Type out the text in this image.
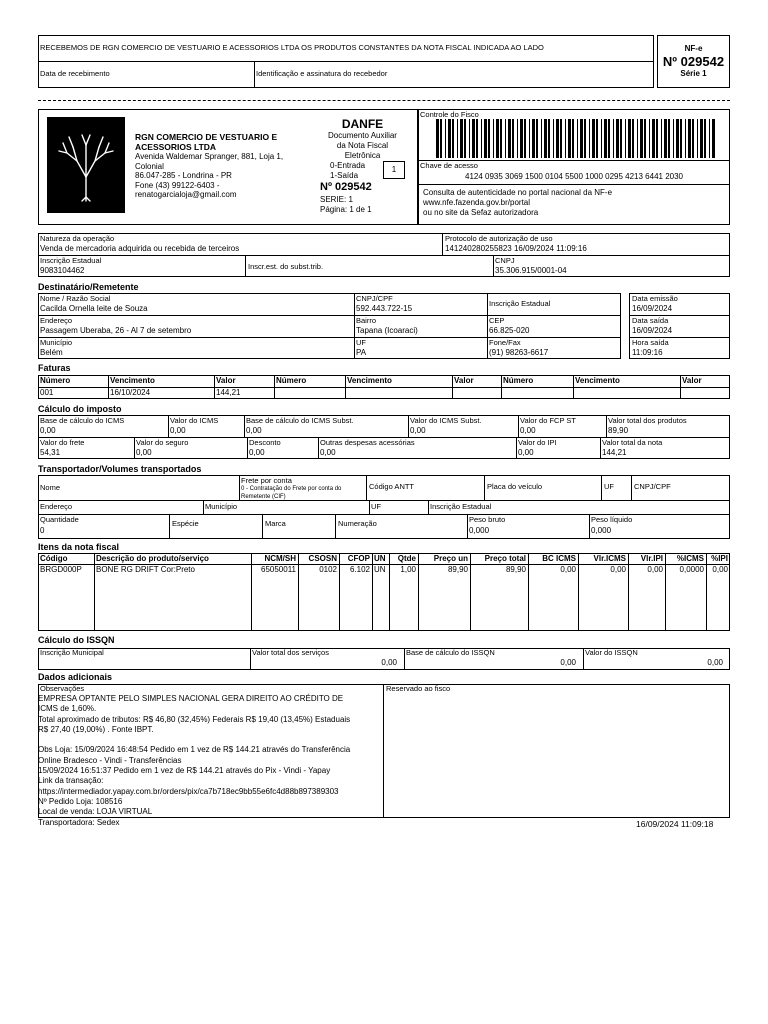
RECEBEMOS DE RGN COMERCIO DE VESTUARIO E ACESSORIOS LTDA OS PRODUTOS CONSTANTES DA NOTA FISCAL INDICADA AO LADO
Data de recebimento	Identificação e assinatura do recebedor
NF-e
Nº 029542
Série 1
RGN COMERCIO DE VESTUARIO E
ACESSORIOS LTDA
Avenida Waldemar Spranger, 881, Loja 1,
Colonial
86.047-285 - Londrina - PR
Fone (43) 99122-6403 -
renatogarcialoja@gmail.com
DANFE
Documento Auxiliar
da Nota Fiscal
Eletrônica
0-Entrada
1-Saída
1
Nº 029542
SERIE: 1
Página: 1 de 1
Controle do Fisco
Chave de acesso
4124 0935 3069 1500 0104 5500 1000 0295 4213 6441 2030
Consulta de autenticidade no portal nacional da NF-e
www.nfe.fazenda.gov.br/portal
ou no site da Sefaz autorizadora
Natureza da operação
Venda de mercadoria adquirida ou recebida de terceiros
Protocolo de autorização de uso
141240280255823 16/09/2024 11:09:16
Inscrição Estadual
9083104462	Inscr.est. do subst.trib.
CNPJ
35.306.915/0001-04
Destinatário/Remetente
Nome / Razão Social
Cacilda Ornella leite de Souza
CNPJ/CPF
592.443.722-15
Inscrição Estadual
Data emissão
16/09/2024
Endereço
Passagem Uberaba, 26 - Al 7 de setembro
Bairro
Tapana (Icoaraci)
CEP
66.825-020
Data saída
16/09/2024
Município
Belém
UF
PA
Fone/Fax
(91) 98263-6617
Hora saída
11:09:16
Faturas
Número	Vencimento	Valor	Número	Vencimento	Valor	Número	Vencimento	Valor
001	16/10/2024	144,21
Cálculo do imposto
Base de cálculo do ICMS
0,00
Valor do ICMS
0,00
Base de cálculo do ICMS Subst.
0,00
Valor do ICMS Subst.
0,00
Valor do FCP ST
0,00
Valor total dos produtos
89,90
Valor do frete
54,31
Valor do seguro
0,00
Desconto
0,00
Outras despesas acessórias
0,00
Valor do IPI
0,00
Valor total da nota
144,21
Transportador/Volumes transportados
Nome
Frete por conta
0 - Contratação do Frete por conta do
Remetente (CIF)
Código ANTT	Placa do veículo	UF	CNPJ/CPF
Endereço	Município	UF	Inscrição Estadual
Quantidade
0
Espécie	Marca	Numeração	Peso bruto
0,000
Peso líquido
0,000
Itens da nota fiscal
Código	Descrição do produto/serviço	NCM/SH	CSOSN	CFOP UN	Qtde	Preço un	Preço total	BC ICMS	Vlr.ICMS	Vlr.IPI	%ICMS %IPI
BRGD000P	BONE RG DRIFT Cor:Preto	65050011	0102	6.102 UN	1,00	89,90	89,90	0,00	0,00	0,00	0,0000	0,00
Cálculo do ISSQN
Inscrição Municipal	Valor total dos serviços
0,00
Base de cálculo do ISSQN
0,00
Valor do ISSQN
0,00
Dados adicionais
Observações	Reservado ao fisco
EMPRESA OPTANTE PELO SIMPLES NACIONAL GERA DIREITO AO CRÉDITO DE
ICMS de 1,60%.
Total aproximado de tributos: R$ 46,80 (32,45%) Federais R$ 19,40 (13,45%) Estaduais
R$ 27,40 (19,00%) . Fonte IBPT.
Obs Loja: 15/09/2024 16:48:54 Pedido em 1 vez de R$ 144.21 através do Transferência
Online Bradesco - Vindi - Transferências
15/09/2024 16:51:37 Pedido em 1 vez de R$ 144.21 através do Pix - Vindi - Yapay
Link da transação:
https://intermediador.yapay.com.br/orders/pix/ca7b718ec9bb55e6fc4d88b897389303
Nº Pedido Loja: 108516
Local de venda: LOJA VIRTUAL
Transportadora: Sedex	16/09/2024 11:09:18
